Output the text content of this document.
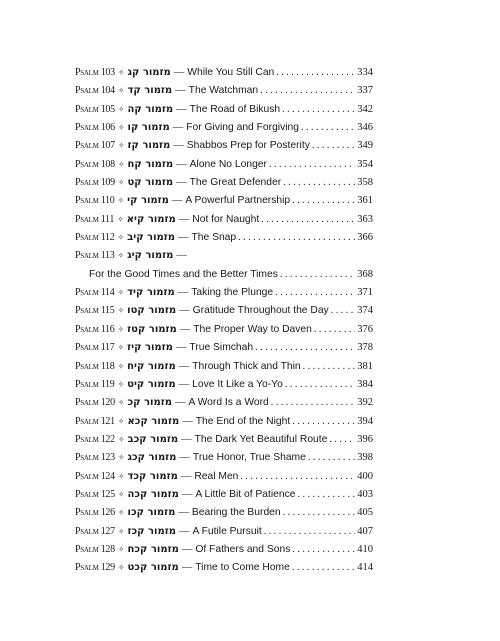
Psalm 103 ✧ מזמור קג — While You Still Can . . .	334
Psalm 104 ✧ מזמור קד — The Watchman . . .	337
Psalm 105 ✧ מזמור קה — The Road of Bikush . . .	342
Psalm 106 ✧ מזמור קו — For Giving and Forgiving . . .	346
Psalm 107 ✧ מזמור קז — Shabbos Prep for Posterity . . .	349
Psalm 108 ✧ מזמור קח — Alone No Longer . . .	354
Psalm 109 ✧ מזמור קט — The Great Defender . . .	358
Psalm 110 ✧ מזמור קי — A Powerful Partnership . . .	361
Psalm 111 ✧ מזמור קיא — Not for Naught . . .	363
Psalm 112 ✧ מזמור קיב — The Snap . . .	366
Psalm 113 ✧ מזמור קיג —
For the Good Times and the Better Times . . .	368
Psalm 114 ✧ מזמור קיד — Taking the Plunge . . .	371
Psalm 115 ✧ מזמור קטו — Gratitude Throughout the Day . . .	374
Psalm 116 ✧ מזמור קטז — The Proper Way to Daven . . .	376
Psalm 117 ✧ מזמור קיז — True Simchah . . .	378
Psalm 118 ✧ מזמור קיח — Through Thick and Thin . . .	381
Psalm 119 ✧ מזמור קיט — Love It Like a Yo-Yo . . .	384
Psalm 120 ✧ מזמור קכ — A Word Is a Word . . .	392
Psalm 121 ✧ מזמור קכא — The End of the Night . . .	394
Psalm 122 ✧ מזמור קכב — The Dark Yet Beautiful Route . . .	396
Psalm 123 ✧ מזמור קכג — True Honor, True Shame . . .	398
Psalm 124 ✧ מזמור קכד — Real Men . . .	400
Psalm 125 ✧ מזמור קכה — A Little Bit of Patience . . .	403
Psalm 126 ✧ מזמור קכו — Bearing the Burden . . .	405
Psalm 127 ✧ מזמור קכז — A Futile Pursuit . . .	407
Psalm 128 ✧ מזמור קכח — Of Fathers and Sons . . .	410
Psalm 129 ✧ מזמור קכט — Time to Come Home . . .	414
